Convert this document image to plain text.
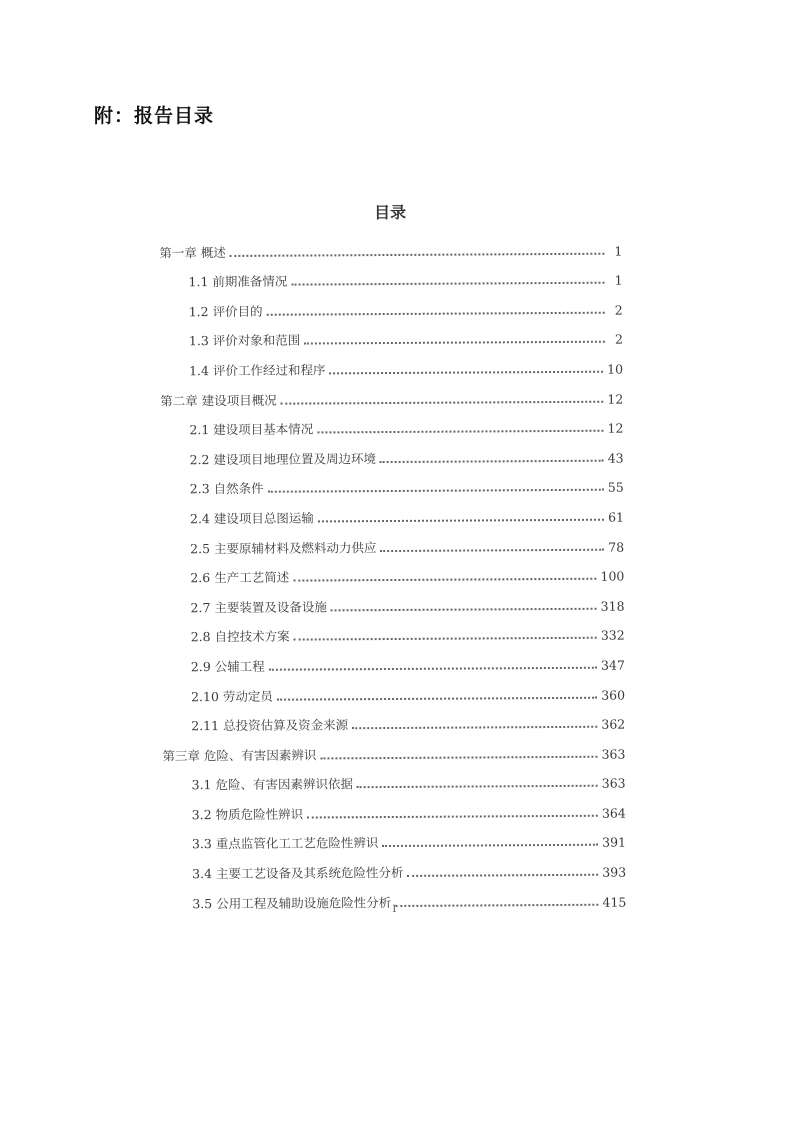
附：报告目录
目录
第一章 概述	1
1.1 前期准备情况	1
1.2 评价目的	2
1.3 评价对象和范围	2
1.4 评价工作经过和程序	10
第二章 建设项目概况	12
2.1 建设项目基本情况	12
2.2 建设项目地理位置及周边环境	43
2.3 自然条件	55
2.4 建设项目总图运输	61
2.5 主要原辅材料及燃料动力供应	78
2.6 生产工艺简述	100
2.7 主要装置及设备设施	318
2.8 自控技术方案	332
2.9 公辅工程	347
2.10 劳动定员	360
2.11 总投资估算及资金来源	362
第三章 危险、有害因素辨识	363
3.1 危险、有害因素辨识依据	363
3.2 物质危险性辨识	364
3.3 重点监管化工工艺危险性辨识	391
3.4 主要工艺设备及其系统危险性分析	393
3.5 公用工程及辅助设施危险性分析	415
I
